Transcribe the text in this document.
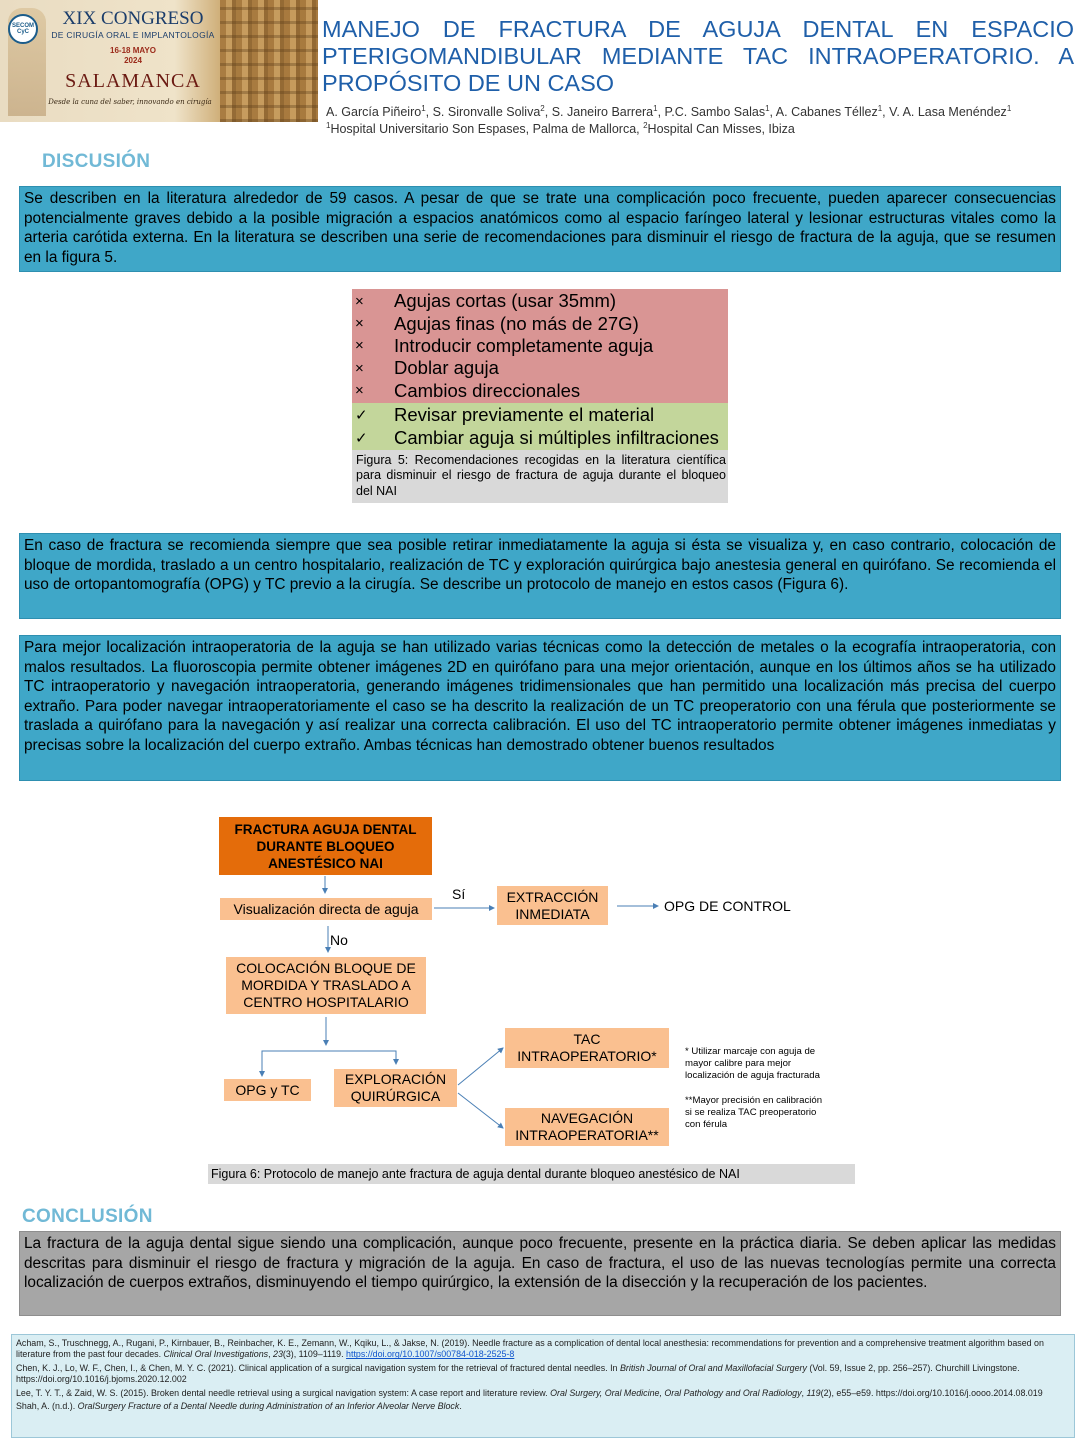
SECOM CyC
XIX CONGRESO
DE CIRUGÍA ORAL E IMPLANTOLOGÍA
16-18 MAYO
2024
SALAMANCA
Desde la cuna del saber, innovando en cirugía
MANEJO DE FRACTURA DE AGUJA DENTAL EN ESPACIO PTERIGOMANDIBULAR MEDIANTE TAC INTRAOPERATORIO. A PROPÓSITO DE UN CASO
A. García Piñeiro$^1$, S. Sironvalle Soliva$^2$, S. Janeiro Barrera$^1$, P.C. Sambo Salas$^1$, A. Cabanes Téllez$^1$, V. A. Lasa Menéndez$^1$
$^1$Hospital Universitario Son Espases, Palma de Mallorca, $^2$Hospital Can Misses, Ibiza
DISCUSIÓN
Se describen en la literatura alrededor de 59 casos. A pesar de que se trate una complicación poco frecuente, pueden aparecer consecuencias potencialmente graves debido a la posible migración a espacios anatómicos como al espacio faríngeo lateral y lesionar estructuras vitales como la arteria carótida externa. En la literatura se describen una serie de recomendaciones para disminuir el riesgo de fractura de la aguja, que se resumen en la figura 5.
×	Agujas cortas (usar 35mm)
×	Agujas finas (no más de 27G)
×	Introducir completamente aguja
×	Doblar aguja
×	Cambios direccionales
✓	Revisar previamente el material
✓	Cambiar aguja si múltiples infiltraciones
Figura 5: Recomendaciones recogidas en la literatura científica para disminuir el riesgo de fractura de aguja durante el bloqueo del NAI
En caso de fractura se recomienda siempre que sea posible retirar inmediatamente la aguja si ésta se visualiza y, en caso contrario, colocación de bloque de mordida, traslado a un centro hospitalario, realización de TC y exploración quirúrgica bajo anestesia general en quirófano. Se recomienda el uso de ortopantomografía (OPG) y TC previo a la cirugía. Se describe un protocolo de manejo en estos casos (Figura 6).
Para mejor localización intraoperatoria de la aguja se han utilizado varias técnicas como la detección de metales o la ecografía intraoperatoria, con malos resultados. La fluoroscopia permite obtener imágenes 2D en quirófano para una mejor orientación, aunque en los últimos años se ha utilizado TC intraoperatorio y navegación intraoperatoria, generando imágenes tridimensionales que han permitido una localización más precisa del cuerpo extraño. Para poder navegar intraoperatoriamente el caso se ha descrito la realización de un TC preoperatorio con una férula que posteriormente se traslada a quirófano para la navegación y así realizar una correcta calibración. El uso del TC intraoperatorio permite obtener imágenes inmediatas y precisas sobre la localización del cuerpo extraño. Ambas técnicas han demostrado obtener buenos resultados
FRACTURA AGUJA DENTAL DURANTE BLOQUEO ANESTÉSICO NAI
Visualización directa de aguja
Sí	EXTRACCIÓN INMEDIATA	OPG DE CONTROL
No
COLOCACIÓN BLOQUE DE MORDIDA Y TRASLADO A CENTRO HOSPITALARIO
OPG y TC
EXPLORACIÓN QUIRÚRGICA
TAC INTRAOPERATORIO*
NAVEGACIÓN INTRAOPERATORIA**
* Utilizar marcaje con aguja de mayor calibre para mejor localización de aguja fracturada
**Mayor precisión en calibración si se realiza TAC preoperatorio con férula
Figura 6: Protocolo de manejo ante fractura de aguja dental durante bloqueo anestésico de NAI
CONCLUSIÓN
La fractura de la aguja dental sigue siendo una complicación, aunque poco frecuente, presente en la práctica diaria. Se deben aplicar las medidas descritas para disminuir el riesgo de fractura y migración de la aguja. En caso de fractura, el uso de las nuevas tecnologías permite una correcta localización de cuerpos extraños, disminuyendo el tiempo quirúrgico, la extensión de la disección y la recuperación de los pacientes.

Acham, S., Truschnegg, A., Rugani, P., Kirnbauer, B., Reinbacher, K. E., Zemann, W., Kqiku, L., & Jakse, N. (2019). Needle fracture as a complication of dental local anesthesia: recommendations for prevention and a comprehensive treatment algorithm based on literature from the past four decades. Clinical Oral Investigations, 23(3), 1109–1119. https://doi.org/10.1007/s00784-018-2525-8

Chen, K. J., Lo, W. F., Chen, I., & Chen, M. Y. C. (2021). Clinical application of a surgical navigation system for the retrieval of fractured dental needles. In British Journal of Oral and Maxillofacial Surgery (Vol. 59, Issue 2, pp. 256–257). Churchill Livingstone. https://doi.org/10.1016/j.bjoms.2020.12.002

Lee, T. Y. T., & Zaid, W. S. (2015). Broken dental needle retrieval using a surgical navigation system: A case report and literature review. Oral Surgery, Oral Medicine, Oral Pathology and Oral Radiology, 119(2), e55–e59. https://doi.org/10.1016/j.oooo.2014.08.019

Shah, A. (n.d.). OralSurgery Fracture of a Dental Needle during Administration of an Inferior Alveolar Nerve Block.
